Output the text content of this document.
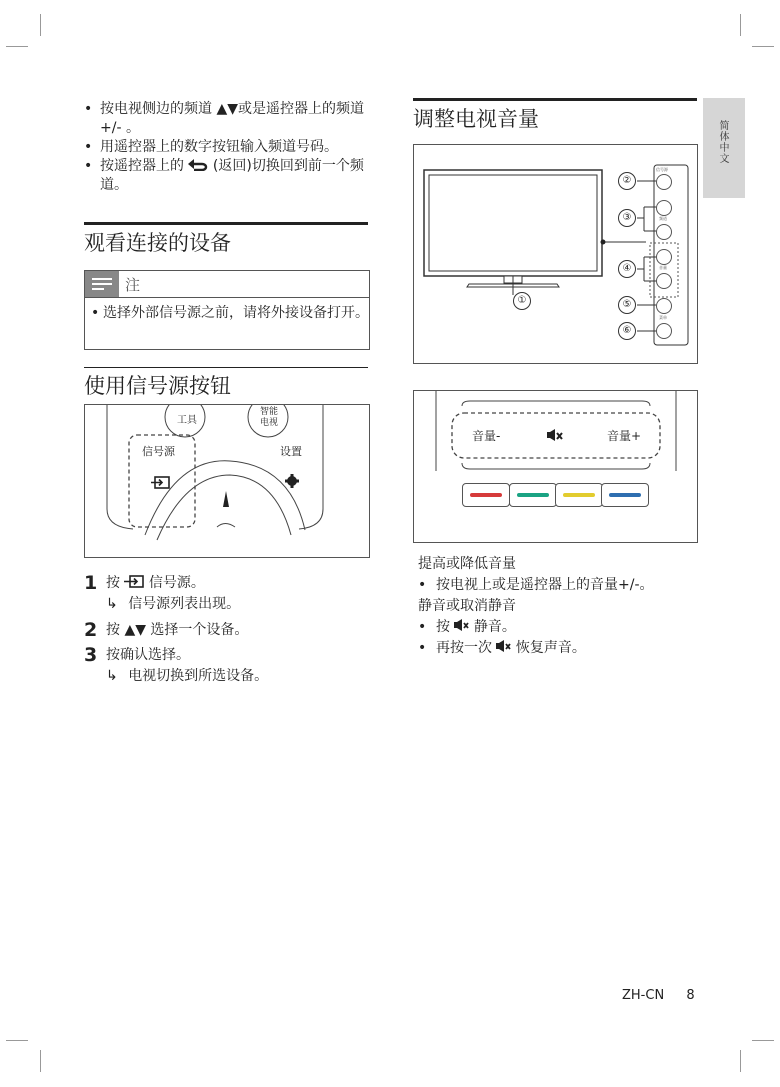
简体中文
• 按电视侧边的频道 ▲▼或是遥控器上的频道 +/- 。
• 用遥控器上的数字按钮输入频道号码。
• 按遥控器上的 (返回)切换回到前一个频道。
观看连接的设备
注
• 选择外部信号源之前，请将外接设备打开。
使用信号源按钮
工具
智能电视
信号源	设置
1 按 信号源。
↳ 信号源列表出现。
2 按 ▲▼ 选择一个设备。
3 按确认选择。
↳ 电视切换到所选设备。
调整电视音量
信号源
频道
音量
菜单
①
②
③
④
⑤
⑥
音量-	音量+
提高或降低音量
• 按电视上或是遥控器上的音量+/-。
静音或取消静音
• 按 静音。
• 再按一次 恢复声音。
ZH-CN 8
